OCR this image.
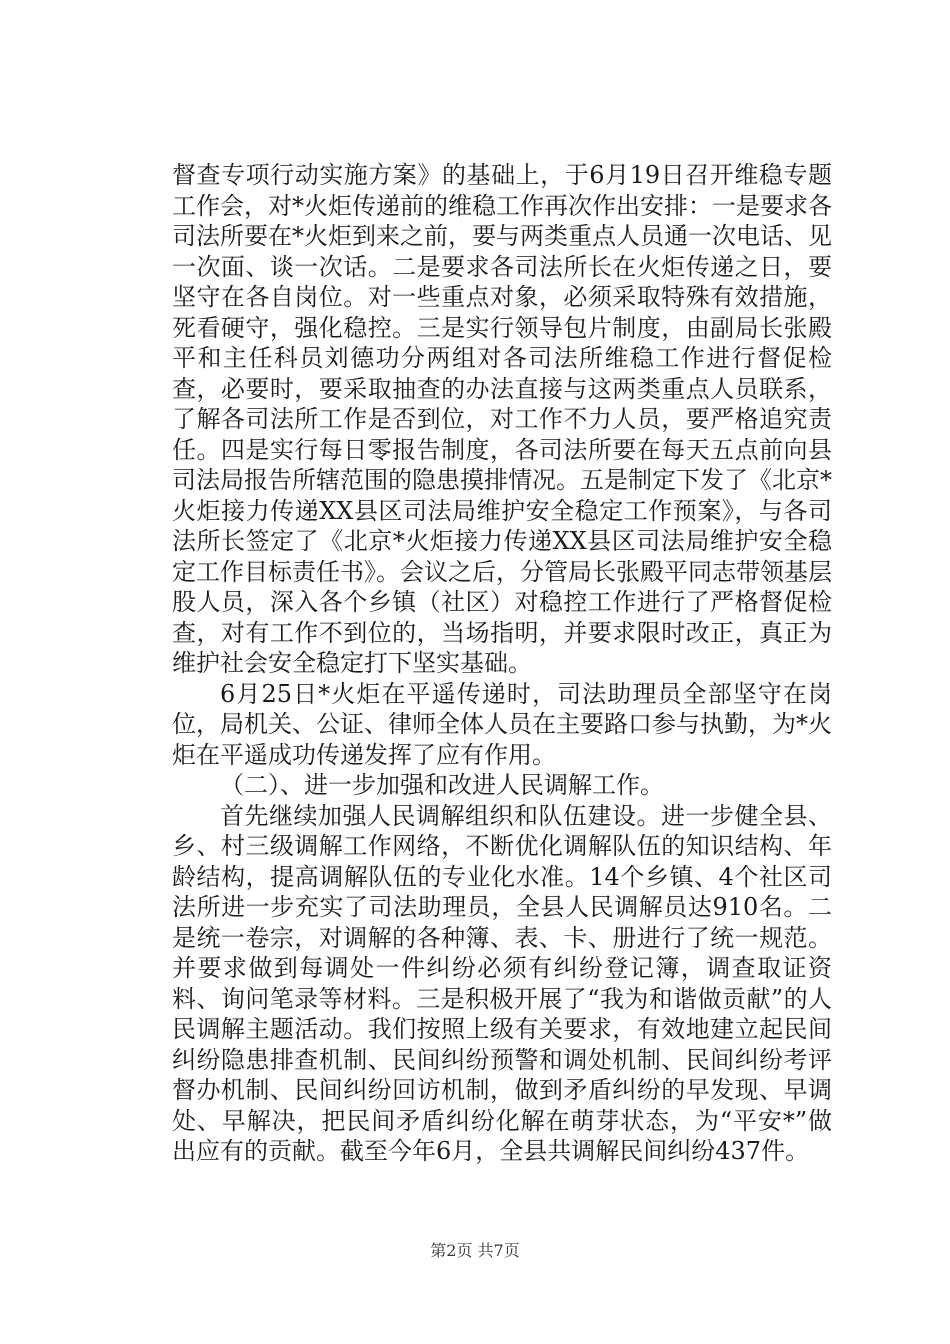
督查专项行动实施方案》的基础上，于6月19日召开维稳专题工作会，对*火炬传递前的维稳工作再次作出安排：一是要求各司法所要在*火炬到来之前，要与两类重点人员通一次电话、见一次面、谈一次话。二是要求各司法所长在火炬传递之日，要坚守在各自岗位。对一些重点对象，必须采取特殊有效措施，死看硬守，强化稳控。三是实行领导包片制度，由副局长张殿平和主任科员刘德功分两组对各司法所维稳工作进行督促检查，必要时，要采取抽查的办法直接与这两类重点人员联系，了解各司法所工作是否到位，对工作不力人员，要严格追究责任。四是实行每日零报告制度，各司法所要在每天五点前向县司法局报告所辖范围的隐患摸排情况。五是制定下发了《北京*火炬接力传递XX县区司法局维护安全稳定工作预案》，与各司法所长签定了《北京*火炬接力传递XX县区司法局维护安全稳定工作目标责任书》。会议之后，分管局长张殿平同志带领基层股人员，深入各个乡镇（社区）对稳控工作进行了严格督促检查，对有工作不到位的，当场指明，并要求限时改正，真正为维护社会安全稳定打下坚实基础。

6月25日*火炬在平遥传递时，司法助理员全部坚守在岗位，局机关、公证、律师全体人员在主要路口参与执勤，为*火炬在平遥成功传递发挥了应有作用。

（二）、进一步加强和改进人民调解工作。

首先继续加强人民调解组织和队伍建设。进一步健全县、乡、村三级调解工作网络，不断优化调解队伍的知识结构、年龄结构，提高调解队伍的专业化水准。14个乡镇、4个社区司法所进一步充实了司法助理员，全县人民调解员达910名。二是统一卷宗，对调解的各种簿、表、卡、册进行了统一规范。并要求做到每调处一件纠纷必须有纠纷登记簿，调查取证资料、询问笔录等材料。三是积极开展了“我为和谐做贡献”的人民调解主题活动。我们按照上级有关要求，有效地建立起民间纠纷隐患排查机制、民间纠纷预警和调处机制、民间纠纷考评督办机制、民间纠纷回访机制，做到矛盾纠纷的早发现、早调处、早解决，把民间矛盾纠纷化解在萌芽状态，为“平安*”做出应有的贡献。截至今年6月，全县共调解民间纠纷437件。

第2页 共7页
